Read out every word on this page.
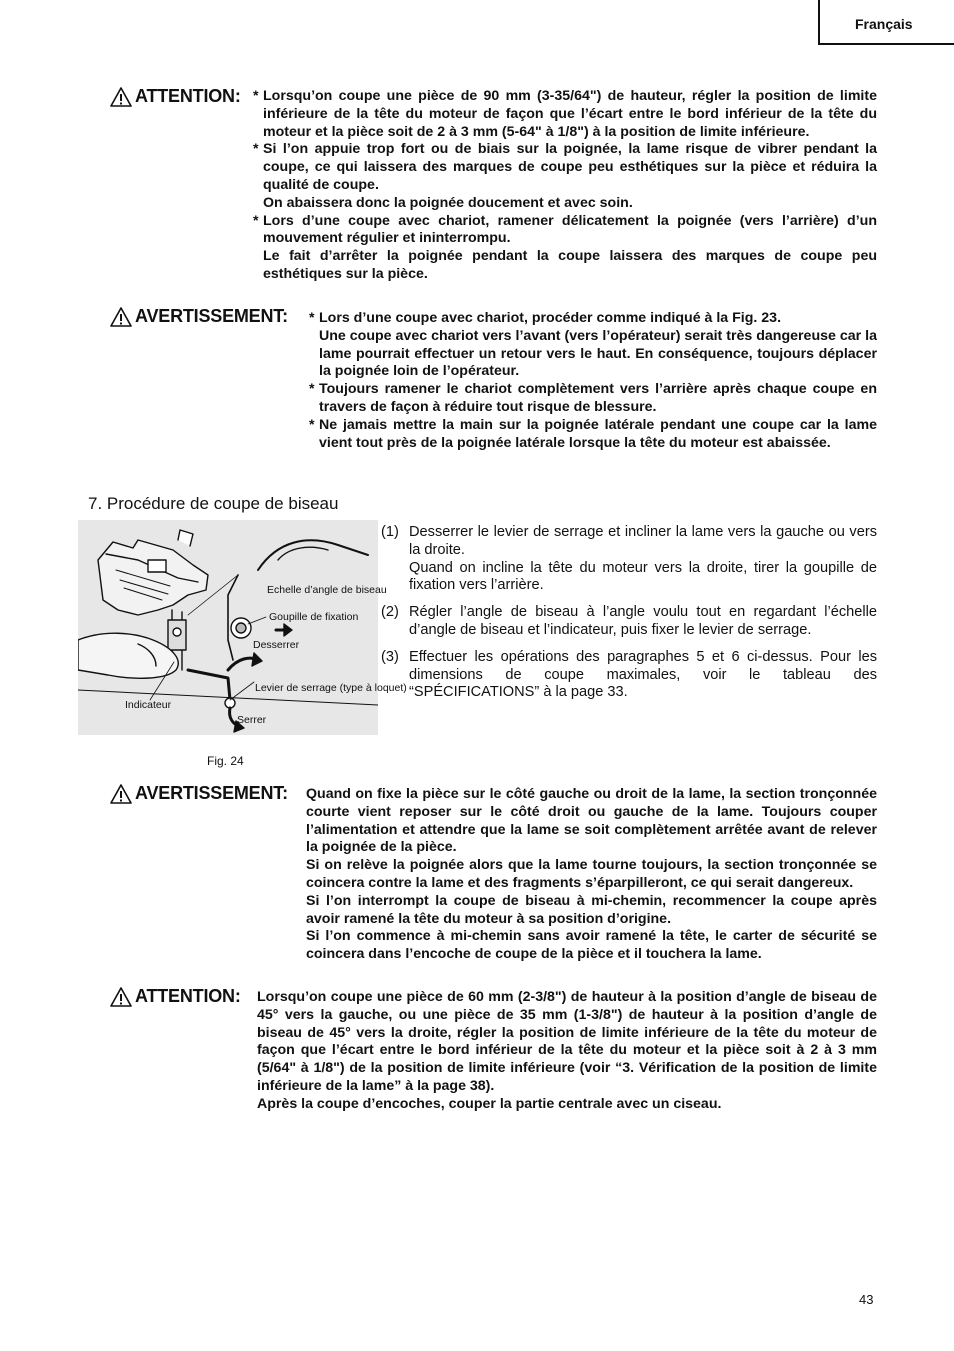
Français
ATTENTION: * Lorsqu’on coupe une pièce de 90 mm (3-35/64") de hauteur, régler la position de limite inférieure de la tête du moteur de façon que l’écart entre le bord inférieur de la tête du moteur et la pièce soit de 2 à 3 mm (5-64" à 1/8") à la position de limite inférieure.

* Si l’on appuie trop fort ou de biais sur la poignée, la lame risque de vibrer pendant la coupe, ce qui laissera des marques de coupe peu esthétiques sur la pièce et réduira la qualité de coupe.

On abaissera donc la poignée doucement et avec soin.

* Lors d’une coupe avec chariot, ramener délicatement la poignée (vers l’arrière) d’un mouvement régulier et ininterrompu.

Le fait d’arrêter la poignée pendant la coupe laissera des marques de coupe peu esthétiques sur la pièce.

AVERTISSEMENT: * Lors d’une coupe avec chariot, procéder comme indiqué à la Fig. 23.

Une coupe avec chariot vers l’avant (vers l’opérateur) serait très dangereuse car la lame pourrait effectuer un retour vers le haut. En conséquence, toujours déplacer la poignée loin de l’opérateur.

* Toujours ramener le chariot complètement vers l’arrière après chaque coupe en travers de façon à réduire tout risque de blessure.

* Ne jamais mettre la main sur la poignée latérale pendant une coupe car la lame vient tout près de la poignée latérale lorsque la tête du moteur est abaissée.

7. Procédure de coupe de biseau
Echelle d’angle de biseau
Goupille de fixation
Desserrer
Levier de serrage (type à loquet)
Indicateur
Serrer
Fig. 24
(1) Desserrer le levier de serrage et incliner la lame vers la gauche ou vers la droite.

Quand on incline la tête du moteur vers la droite, tirer la goupille de fixation vers l’arrière.

(2) Régler l’angle de biseau à l’angle voulu tout en regardant l’échelle d’angle de biseau et l’indicateur, puis fixer le levier de serrage.

(3) Effectuer les opérations des paragraphes 5 et 6 ci-dessus. Pour les dimensions de coupe maximales, voir le tableau des “SPÉCIFICATIONS” à la page 33.

AVERTISSEMENT: Quand on fixe la pièce sur le côté gauche ou droit de la lame, la section tronçonnée courte vient reposer sur le côté droit ou gauche de la lame. Toujours couper l’alimentation et attendre que la lame se soit complètement arrêtée avant de relever la poignée de la pièce.

Si on relève la poignée alors que la lame tourne toujours, la section tronçonnée se coincera contre la lame et des fragments s’éparpilleront, ce qui serait dangereux.

Si l’on interrompt la coupe de biseau à mi-chemin, recommencer la coupe après avoir ramené la tête du moteur à sa position d’origine.

Si l’on commence à mi-chemin sans avoir ramené la tête, le carter de sécurité se coincera dans l’encoche de coupe de la pièce et il touchera la lame.

ATTENTION: Lorsqu’on coupe une pièce de 60 mm (2-3/8") de hauteur à la position d’angle de biseau de 45° vers la gauche, ou une pièce de 35 mm (1-3/8") de hauteur à la position d’angle de biseau de 45° vers la droite, régler la position de limite inférieure de la tête du moteur de façon que l’écart entre le bord inférieur de la tête du moteur et la pièce soit à 2 à 3 mm (5/64" à 1/8") de la position de limite inférieure (voir “3. Vérification de la position de limite inférieure de la lame” à la page 38).

Après la coupe d’encoches, couper la partie centrale avec un ciseau.

43
